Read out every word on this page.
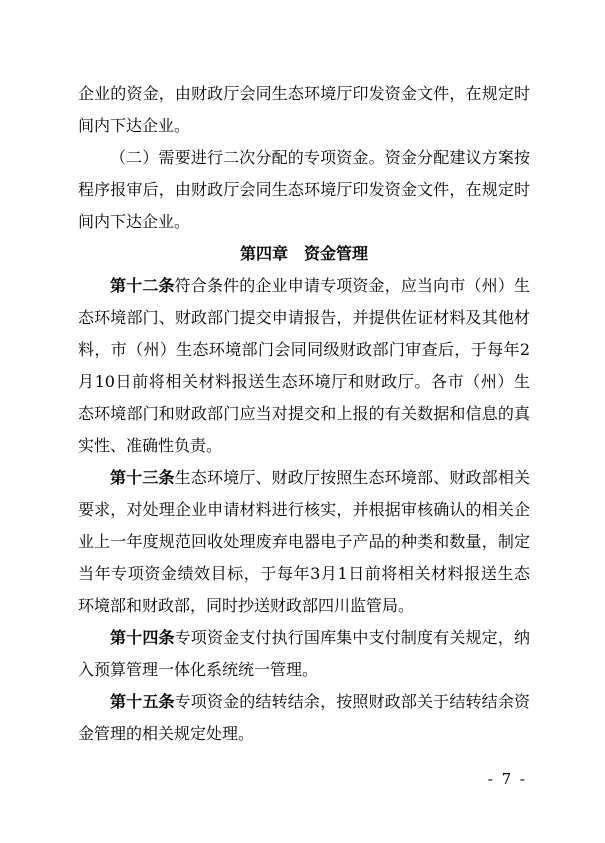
企业的资金，由财政厅会同生态环境厅印发资金文件，在规定时间内下达企业。

（二）需要进行二次分配的专项资金。资金分配建议方案按程序报审后，由财政厅会同生态环境厅印发资金文件，在规定时间内下达企业。

第四章　资金管理

第十二条符合条件的企业申请专项资金，应当向市（州）生态环境部门、财政部门提交申请报告，并提供佐证材料及其他材料，市（州）生态环境部门会同同级财政部门审查后，于每年2月10日前将相关材料报送生态环境厅和财政厅。各市（州）生态环境部门和财政部门应当对提交和上报的有关数据和信息的真实性、准确性负责。

第十三条生态环境厅、财政厅按照生态环境部、财政部相关要求，对处理企业申请材料进行核实，并根据审核确认的相关企业上一年度规范回收处理废弃电器电子产品的种类和数量，制定当年专项资金绩效目标，于每年3月1日前将相关材料报送生态环境部和财政部，同时抄送财政部四川监管局。

第十四条专项资金支付执行国库集中支付制度有关规定，纳入预算管理一体化系统统一管理。

第十五条专项资金的结转结余，按照财政部关于结转结余资金管理的相关规定处理。

- 7 -
